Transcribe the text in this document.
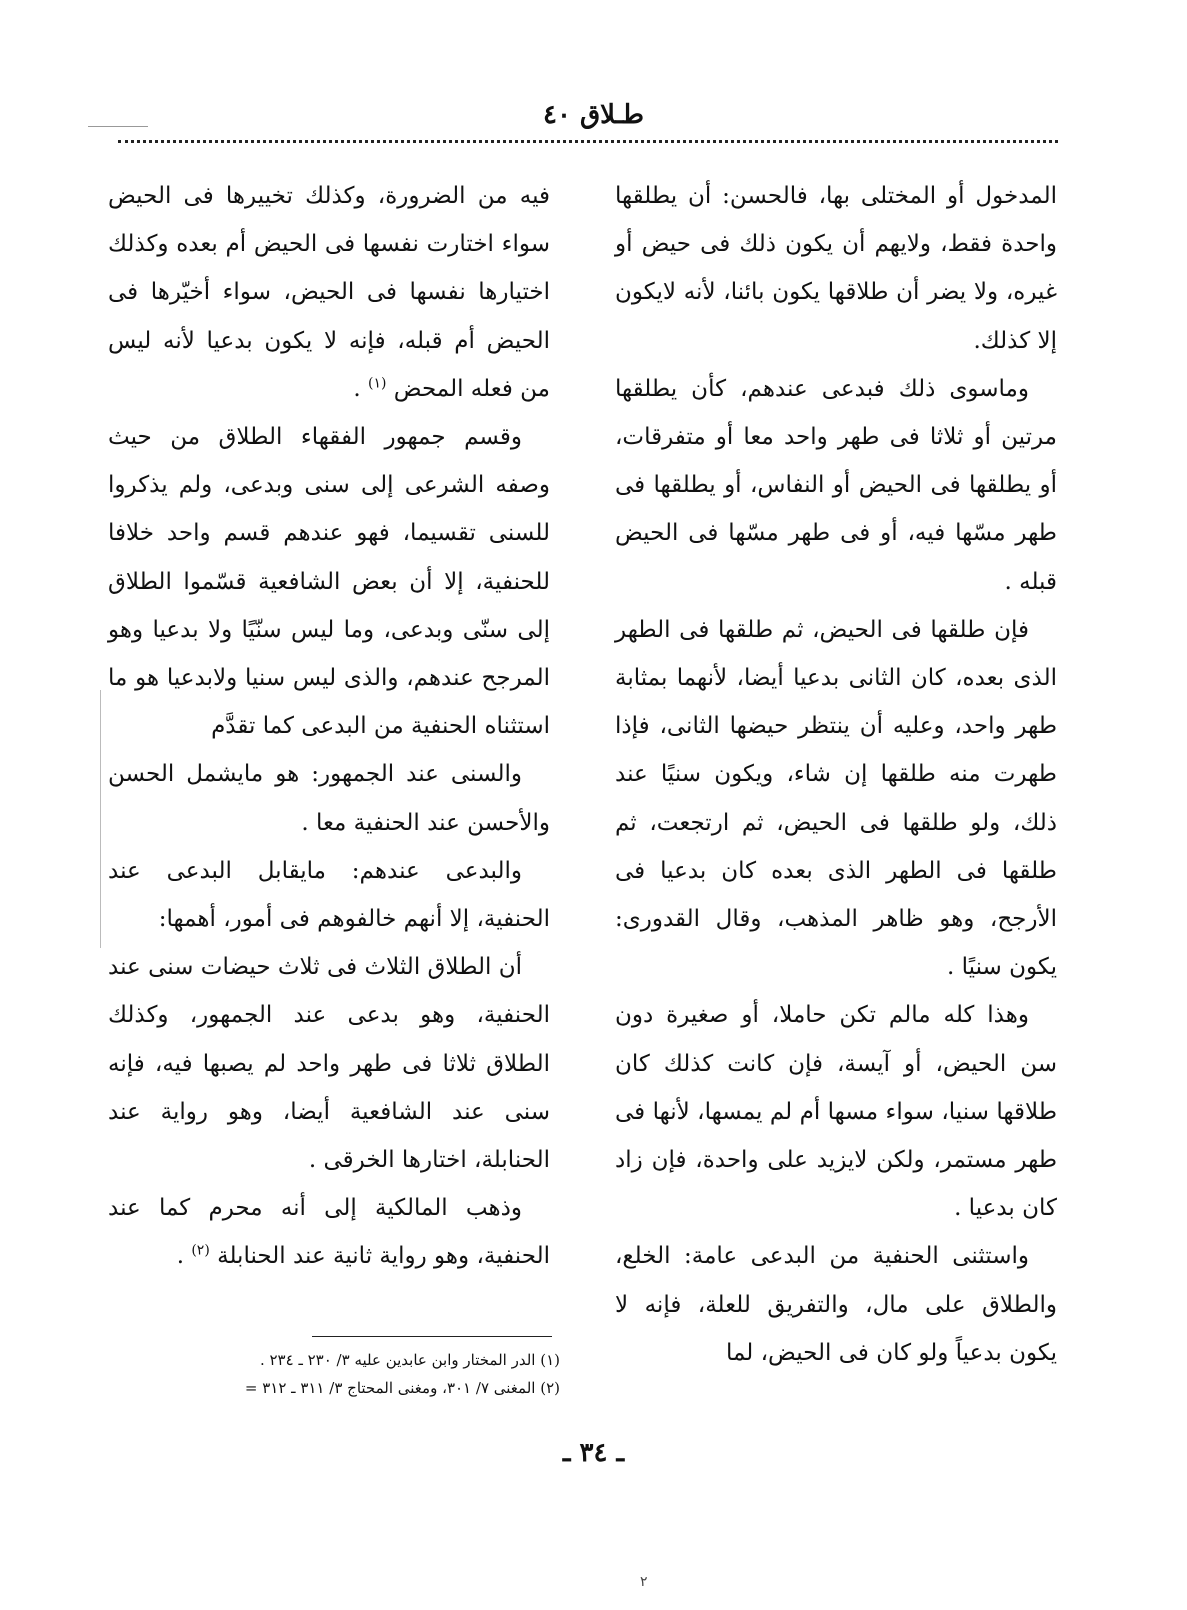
طـلاق ٤٠

المدخول أو المختلى بها، فالحسن: أن يطلقها واحدة فقط، ولايهم أن يكون ذلك فى حيض أو غيره، ولا يضر أن طلاقها يكون بائنا، لأنه لايكون إلا كذلك.

وماسوى ذلك فبدعى عندهم، كأن يطلقها مرتين أو ثلاثا فى طهر واحد معا أو متفرقات، أو يطلقها فى الحيض أو النفاس، أو يطلقها فى طهر مسّها فيه، أو فى طهر مسّها فى الحيض قبله .

فإن طلقها فى الحيض، ثم طلقها فى الطهر الذى بعده، كان الثانى بدعيا أيضا، لأنهما بمثابة طهر واحد، وعليه أن ينتظر حيضها الثانى، فإذا طهرت منه طلقها إن شاء، ويكون سنيًا عند ذلك، ولو طلقها فى الحيض، ثم ارتجعت، ثم طلقها فى الطهر الذى بعده كان بدعيا فى الأرجح، وهو ظاهر المذهب، وقال القدورى: يكون سنيًا .

وهذا كله مالم تكن حاملا، أو صغيرة دون سن الحيض، أو آيسة، فإن كانت كذلك كان طلاقها سنيا، سواء مسها أم لم يمسها، لأنها فى طهر مستمر، ولكن لايزيد على واحدة، فإن زاد كان بدعيا .

واستثنى الحنفية من البدعى عامة: الخلع، والطلاق على مال، والتفريق للعلة، فإنه لا يكون بدعياً ولو كان فى الحيض، لما

فيه من الضرورة، وكذلك تخييرها فى الحيض سواء اختارت نفسها فى الحيض أم بعده وكذلك اختيارها نفسها فى الحيض، سواء أخيّرها فى الحيض أم قبله، فإنه لا يكون بدعيا لأنه ليس من فعله المحض $^{(١)}$ .

وقسم جمهور الفقهاء الطلاق من حيث وصفه الشرعى إلى سنى وبدعى، ولم يذكروا للسنى تقسيما، فهو عندهم قسم واحد خلافا للحنفية، إلا أن بعض الشافعية قسّموا الطلاق إلى سنّى وبدعى، وما ليس سنّيًا ولا بدعيا وهو المرجح عندهم، والذى ليس سنيا ولابدعيا هو ما استثناه الحنفية من البدعى كما تقدَّم

والسنى عند الجمهور: هو مايشمل الحسن والأحسن عند الحنفية معا .

والبدعى عندهم: مايقابل البدعى عند الحنفية، إلا أنهم خالفوهم فى أمور، أهمها:

أن الطلاق الثلاث فى ثلاث حيضات سنى عند الحنفية، وهو بدعى عند الجمهور، وكذلك الطلاق ثلاثا فى طهر واحد لم يصبها فيه، فإنه سنى عند الشافعية أيضا، وهو رواية عند الحنابلة، اختارها الخرقى .

وذهب المالكية إلى أنه محرم كما عند الحنفية، وهو رواية ثانية عند الحنابلة $^{(٢)}$ .

(١) الدر المختار وابن عابدين عليه ٣/ ٢٣٠ ـ ٢٣٤ .

(٢) المغنى ٧/ ٣٠١، ومغنى المحتاج ٣/ ٣١١ ـ ٣١٢ =

ـ ٣٤ ـ
٢
